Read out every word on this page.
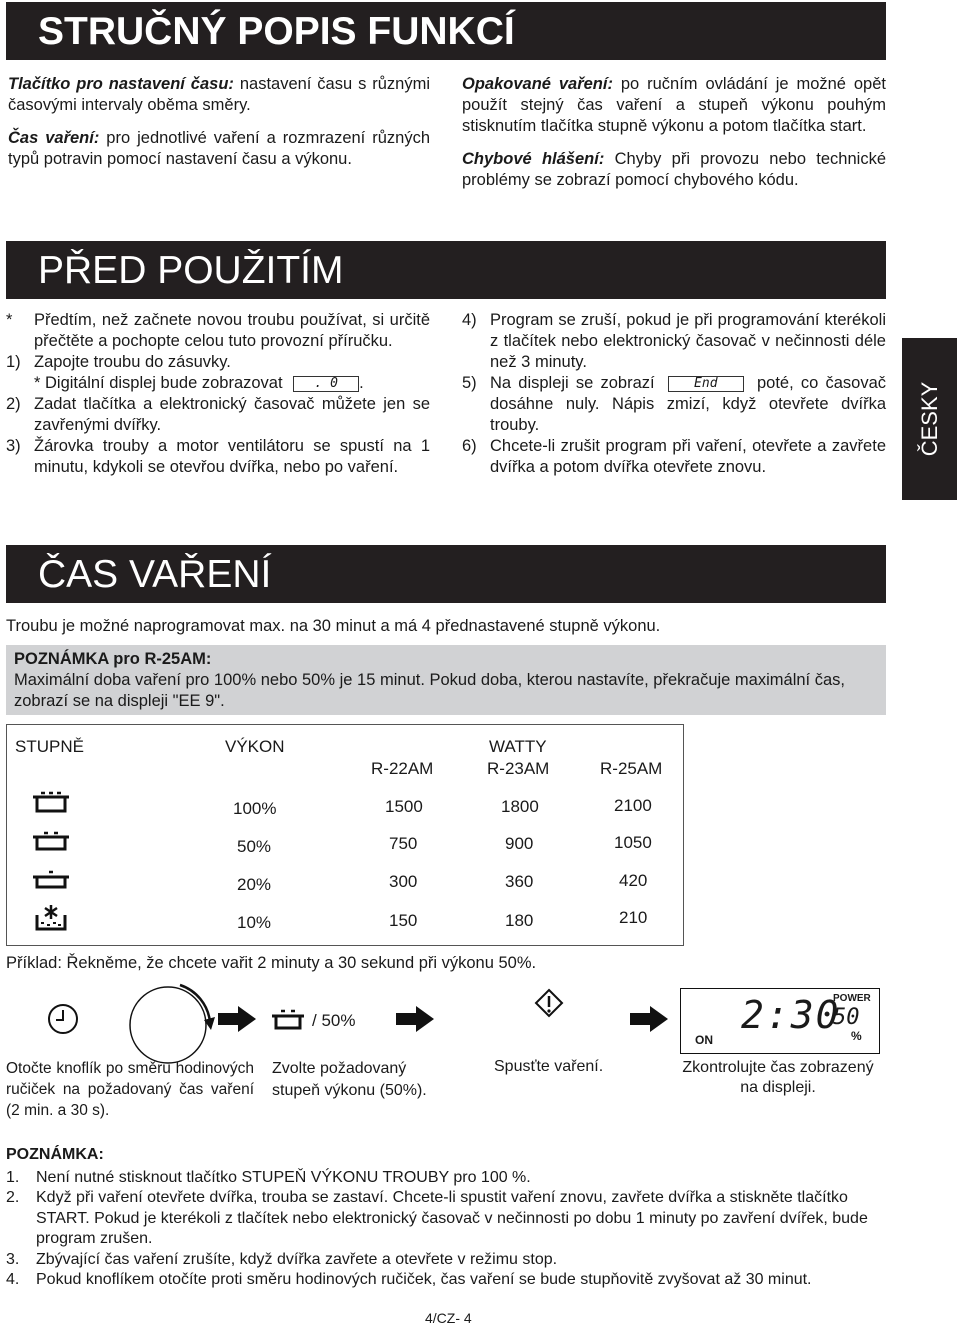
STRUČNÝ POPIS FUNKCÍ
Tlačítko pro nastavení času: nastavení času s různými časovými intervaly oběma směry.
Čas vaření: pro jednotlivé vaření a rozmrazení různých typů potravin pomocí nastavení času a výkonu.
Opakované vaření: po ručním ovládání je možné opět použít stejný čas vaření a stupeň výkonu pouhým stisknutím tlačítka stupně výkonu a potom tlačítka start.
Chybové hlášení: Chyby při provozu nebo technické problémy se zobrazí pomocí chybového kódu.
PŘED POUŽITÍM
*	Předtím, než začnete novou troubu používat, si určitě přečtěte a pochopte celou tuto provozní příručku.
1) Zapojte troubu do zásuvky.
* Digitální displej bude zobrazovat . 0 .
2) Zadat tlačítka a elektronický časovač můžete jen se zavřenými dvířky.
3) Žárovka trouby a motor ventilátoru se spustí na 1 minutu, kdykoli se otevřou dvířka, nebo po vaření.
4) Program se zruší, pokud je při programování kterékoli z tlačítek nebo elektronický časovač v nečinnosti déle než 3 minuty.
5) Na displeji se zobrazí	End poté, co časovač dosáhne nuly. Nápis zmizí, když otevřete dvířka trouby.
6) Chcete-li zrušit program při vaření, otevřete a zavřete dvířka a potom dvířka otevřete znovu.
ČESKY
ČAS VAŘENÍ
Troubu je možné naprogramovat max. na 30 minut a má 4 přednastavené stupně výkonu.
POZNÁMKA pro R-25AM:
Maximální doba vaření pro 100% nebo 50% je 15 minut. Pokud doba, kterou nastavíte, překračuje maximální čas, zobrazí se na displeji "EE 9".
STUPNĚ	VÝKON	WATTY
R-22AM	R-23AM	R-25AM
100%	1500	1800	2100
50%	750	900	1050
20%	300	360	420
10%	150	180	210
Příklad: Řekněme, že chcete vařit 2 minuty a 30 sekund při výkonu 50%.
/ 50%	2:30
POWER
50
%
ON
Otočte knoflík po směru hodinových ručiček na požadovaný čas vaření (2 min. a 30 s).
Zvolte požadovaný stupeň výkonu (50%).
Spusťte vaření.	Zkontrolujte čas zobrazený na displeji.
POZNÁMKA:
1.	Není nutné stisknout tlačítko STUPEŇ VÝKONU TROUBY pro 100 %.
2.	Když při vaření otevřete dvířka, trouba se zastaví. Chcete-li spustit vaření znovu, zavřete dvířka a stiskněte tlačítko START. Pokud je kterékoli z tlačítek nebo elektronický časovač v nečinnosti po dobu 1 minuty po zavření dvířek, bude program zrušen.
3.	Zbývající čas vaření zrušíte, když dvířka zavřete a otevřete v režimu stop.
4.	Pokud knoflíkem otočíte proti směru hodinových ručiček, čas vaření se bude stupňovitě zvyšovat až 30 minut.
4/CZ- 4
